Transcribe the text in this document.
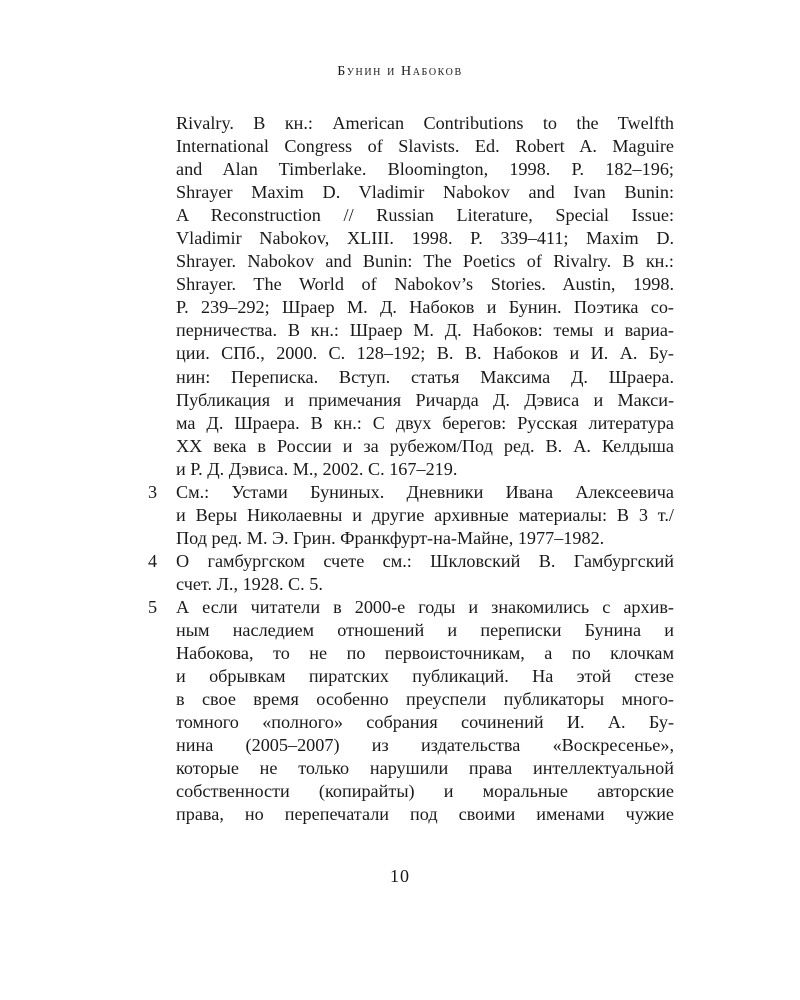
Бунин и Набоков
Rivalry. В кн.: American Contributions to the Twelfth
International Congress of Slavists. Ed. Robert A. Maguire
and Alan Timberlake. Bloomington, 1998. P. 182–196;
Shrayer Maxim D. Vladimir Nabokov and Ivan Bunin:
A Reconstruction // Russian Literature, Special Issue:
Vladimir Nabokov, XLIII. 1998. P. 339–411; Maxim D.
Shrayer. Nabokov and Bunin: The Poetics of Rivalry. В кн.:
Shrayer. The World of Nabokov’s Stories. Austin, 1998.
P. 239–292; Шраер М. Д. Набоков и Бунин. Поэтика со-
перничества. В кн.: Шраер М. Д. Набоков: темы и вариа-
ции. СПб., 2000. С. 128–192; В. В. Набоков и И. А. Бу-
нин: Переписка. Вступ. статья Максима Д. Шраера.
Публикация и примечания Ричарда Д. Дэвиса и Макси-
ма Д. Шраера. В кн.: С двух берегов: Русская литература
XX века в России и за рубежом/Под ред. В. А. Келдыша
и Р. Д. Дэвиса. М., 2002. С. 167–219.
3	См.: Устами Буниных. Дневники Ивана Алексеевича
и Веры Николаевны и другие архивные материалы: В 3 т./
Под ред. М. Э. Грин. Франкфурт-на-Майне, 1977–1982.
4	О гамбургском счете см.: Шкловский В. Гамбургский
счет. Л., 1928. С. 5.
5	А если читатели в 2000-е годы и знакомились с архив-
ным наследием отношений и переписки Бунина и
Набокова, то не по первоисточникам, а по клочкам
и обрывкам пиратских публикаций. На этой стезе
в свое время особенно преуспели публикаторы много-
томного «полного» собрания сочинений И. А. Бу-
нина (2005–2007) из издательства «Воскресенье»,
которые не только нарушили права интеллектуальной
собственности (копирайты) и моральные авторские
права, но перепечатали под своими именами чужие
10
